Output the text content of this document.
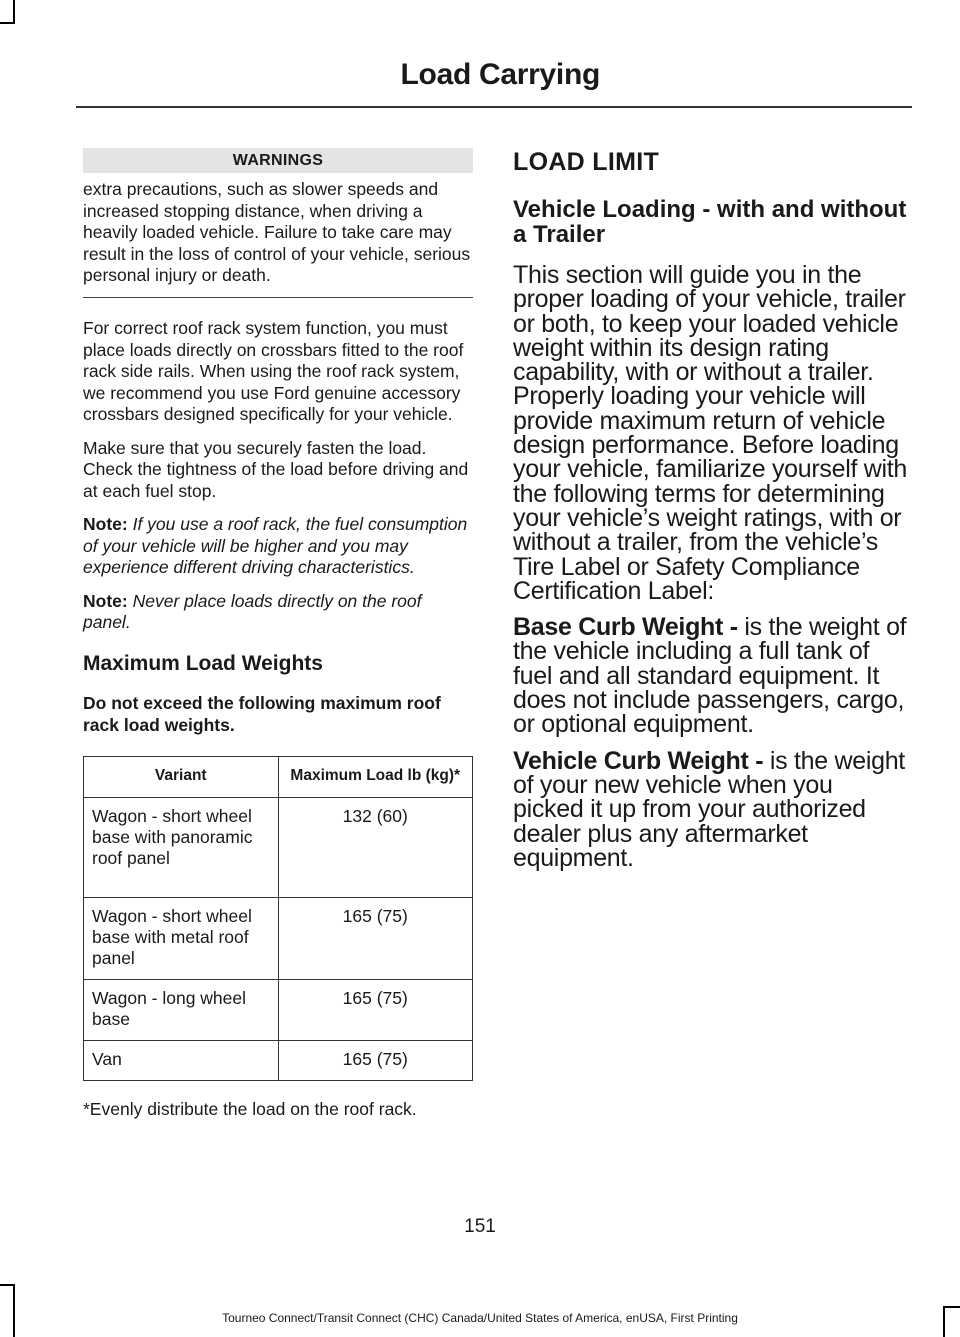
Load Carrying
WARNINGS
extra precautions, such as slower speeds and increased stopping distance, when driving a heavily loaded vehicle. Failure to take care may result in the loss of control of your vehicle, serious personal injury or death.

For correct roof rack system function, you must place loads directly on crossbars fitted to the roof rack side rails. When using the roof rack system, we recommend you use Ford genuine accessory crossbars designed specifically for your vehicle.

Make sure that you securely fasten the load. Check the tightness of the load before driving and at each fuel stop.

Note: If you use a roof rack, the fuel consumption of your vehicle will be higher and you may experience different driving characteristics.

Note: Never place loads directly on the roof panel.

Maximum Load Weights
Do not exceed the following maximum roof rack load weights.
Variant	Maximum Load lb (kg)*
Wagon - short wheel base with panoramic roof panel	132 (60)
Wagon - short wheel base with metal roof panel	165 (75)
Wagon - long wheel base	165 (75)
Van	165 (75)
*Evenly distribute the load on the roof rack.
LOAD LIMIT
Vehicle Loading - with and without a Trailer

This section will guide you in the proper loading of your vehicle, trailer or both, to keep your loaded vehicle weight within its design rating capability, with or without a trailer. Properly loading your vehicle will provide maximum return of vehicle design performance. Before loading your vehicle, familiarize yourself with the following terms for determining your vehicle’s weight ratings, with or without a trailer, from the vehicle’s Tire Label or Safety Compliance Certification Label:

Base Curb Weight - is the weight of the vehicle including a full tank of fuel and all standard equipment. It does not include passengers, cargo, or optional equipment.

Vehicle Curb Weight - is the weight of your new vehicle when you picked it up from your authorized dealer plus any aftermarket equipment.

151
Tourneo Connect/Transit Connect (CHC) Canada/United States of America, enUSA, First Printing
